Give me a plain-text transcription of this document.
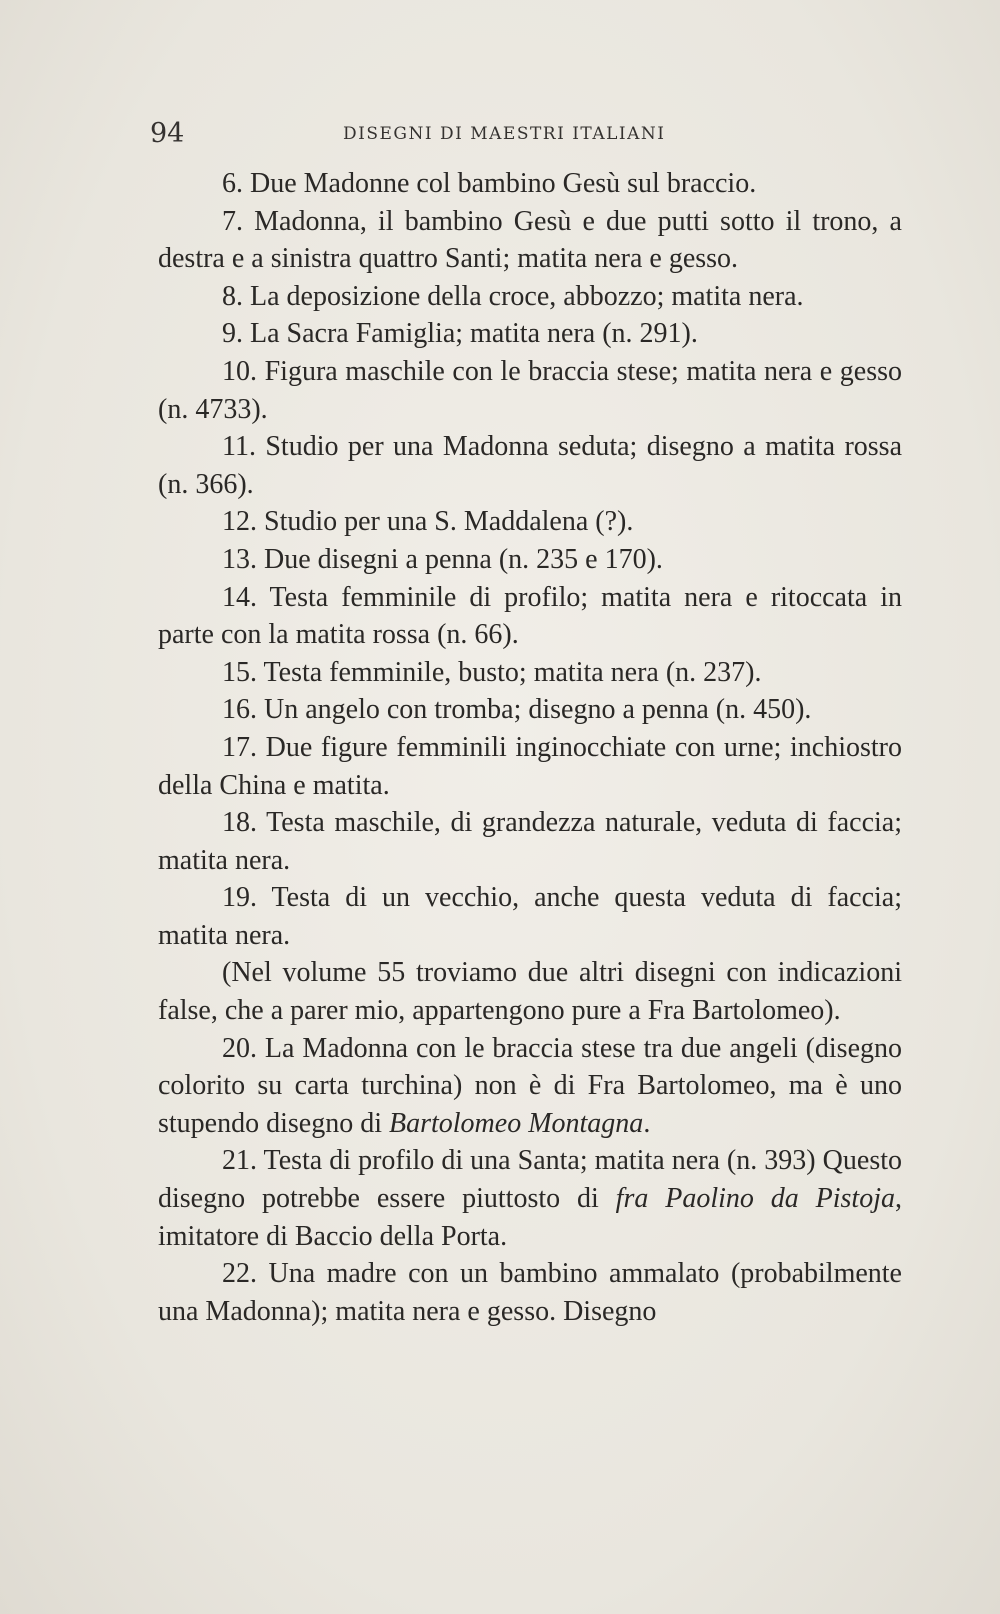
94	DISEGNI DI MAESTRI ITALIANI

6. Due Madonne col bambino Gesù sul braccio.

7. Madonna, il bambino Gesù e due putti sotto il trono, a destra e a sinistra quattro Santi; matita nera e gesso.

8. La deposizione della croce, abbozzo; matita nera.

9. La Sacra Famiglia; matita nera (n. 291).

10. Figura maschile con le braccia stese; matita nera e gesso (n. 4733).

11. Studio per una Madonna seduta; disegno a matita rossa (n. 366).

12. Studio per una S. Maddalena (?).

13. Due disegni a penna (n. 235 e 170).

14. Testa femminile di profilo; matita nera e ritoccata in parte con la matita rossa (n. 66).

15. Testa femminile, busto; matita nera (n. 237).

16. Un angelo con tromba; disegno a penna (n. 450).

17. Due figure femminili inginocchiate con urne; inchiostro della China e matita.

18. Testa maschile, di grandezza naturale, veduta di faccia; matita nera.

19. Testa di un vecchio, anche questa veduta di faccia; matita nera.

(Nel volume 55 troviamo due altri disegni con indicazioni false, che a parer mio, appartengono pure a Fra Bartolomeo).

20. La Madonna con le braccia stese tra due angeli (disegno colorito su carta turchina) non è di Fra Bartolomeo, ma è uno stupendo disegno di Bartolomeo Montagna.

21. Testa di profilo di una Santa; matita nera (n. 393) Questo disegno potrebbe essere piuttosto di fra Paolino da Pistoja, imitatore di Baccio della Porta.

22. Una madre con un bambino ammalato (probabilmente una Madonna); matita nera e gesso. Disegno
